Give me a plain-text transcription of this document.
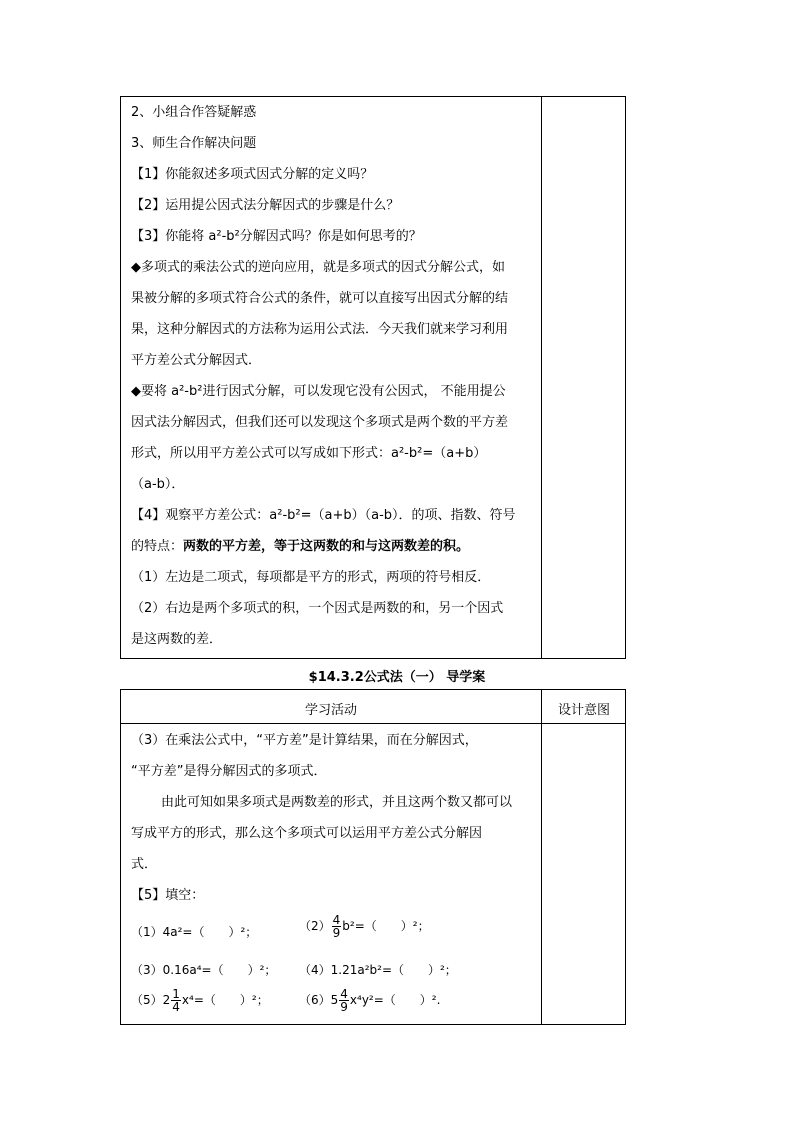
2、小组合作答疑解惑
3、师生合作解决问题
【1】你能叙述多项式因式分解的定义吗？
【2】运用提公因式法分解因式的步骤是什么？
【3】你能将 a²-b²分解因式吗？你是如何思考的？
◆多项式的乘法公式的逆向应用，就是多项式的因式分解公式，如
果被分解的多项式符合公式的条件，就可以直接写出因式分解的结
果，这种分解因式的方法称为运用公式法．今天我们就来学习利用
平方差公式分解因式．
◆要将 a²-b²进行因式分解，可以发现它没有公因式， 不能用提公
因式法分解因式，但我们还可以发现这个多项式是两个数的平方差
形式，所以用平方差公式可以写成如下形式：a²-b²=（a+b）
（a-b）．
【4】观察平方差公式：a²-b²=（a+b）（a-b）．的项、指数、符号
的特点：两数的平方差，等于这两数的和与这两数差的积。
（1）左边是二项式，每项都是平方的形式，两项的符号相反．
（2）右边是两个多项式的积，一个因式是两数的和，另一个因式
是这两数的差．
$14.3.2公式法（一） 导学案
学习活动	设计意图
（3）在乘法公式中，“平方差”是计算结果，而在分解因式，
“平方差”是得分解因式的多项式．
由此可知如果多项式是两数差的形式，并且这两个数又都可以
写成平方的形式，那么这个多项式可以运用平方差公式分解因
式．
【5】填空：
（1）4a²=（　　）²；	$(2) \frac{4}{9} b^2=$（　　）²；
（3）0.16a⁴=（　　）²； （4）1.21a²b²=（　　）²；
$(5)2 \frac{1}{4} x^4=$（　　）²；	$(6)5 \frac{4}{9} x^4y^2=$（　　）².
